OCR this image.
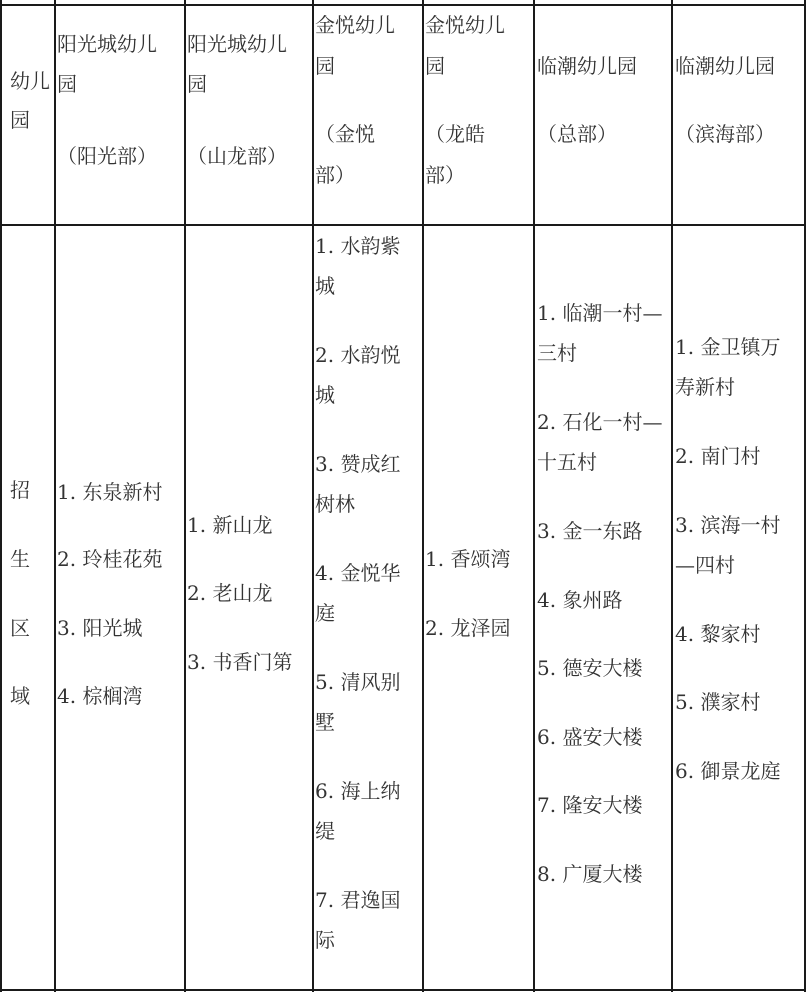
幼儿
园
阳光城幼儿
园
（阳光部）
阳光城幼儿
园
（山龙部）
金悦幼儿
园
（金悦
部）
金悦幼儿
园
（龙皓
部）
临潮幼儿园
（总部）
临潮幼儿园
（滨海部）
招
生
区
域
1. 东泉新村
2. 玲桂花苑
3. 阳光城
4. 棕榈湾
1. 新山龙
2. 老山龙
3. 书香门第
1. 水韵紫
城
2. 水韵悦
城
3. 赞成红
树林
4. 金悦华
庭
5. 清风别
墅
6. 海上纳
缇
7. 君逸国
际
1. 香颂湾
2. 龙泽园
1. 临潮一村—
三村
2. 石化一村—
十五村
3. 金一东路
4. 象州路
5. 德安大楼
6. 盛安大楼
7. 隆安大楼
8. 广厦大楼
1. 金卫镇万
寿新村
2. 南门村
3. 滨海一村
—四村
4. 黎家村
5. 濮家村
6. 御景龙庭
